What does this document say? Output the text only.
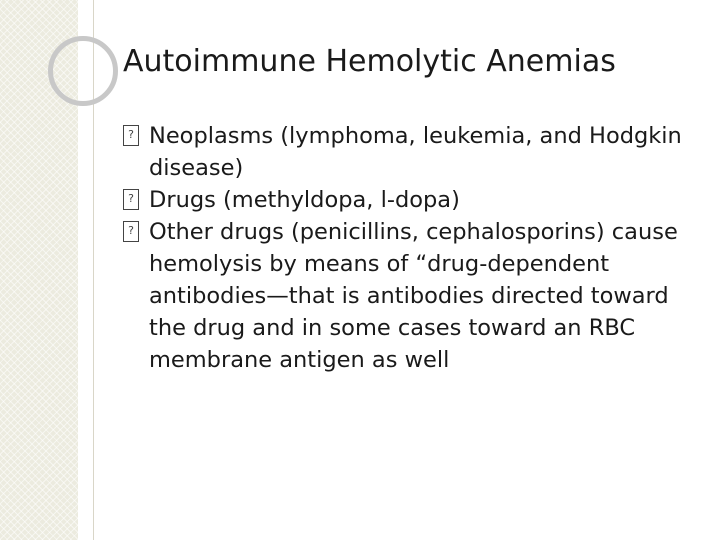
Autoimmune Hemolytic Anemias
? Neoplasms (lymphoma, leukemia, and Hodgkin disease)
? Drugs (methyldopa, l-dopa)
? Other drugs (penicillins, cephalosporins) cause hemolysis by means of “drug-dependent antibodies—that is antibodies directed toward the drug and in some cases toward an RBC membrane antigen as well
